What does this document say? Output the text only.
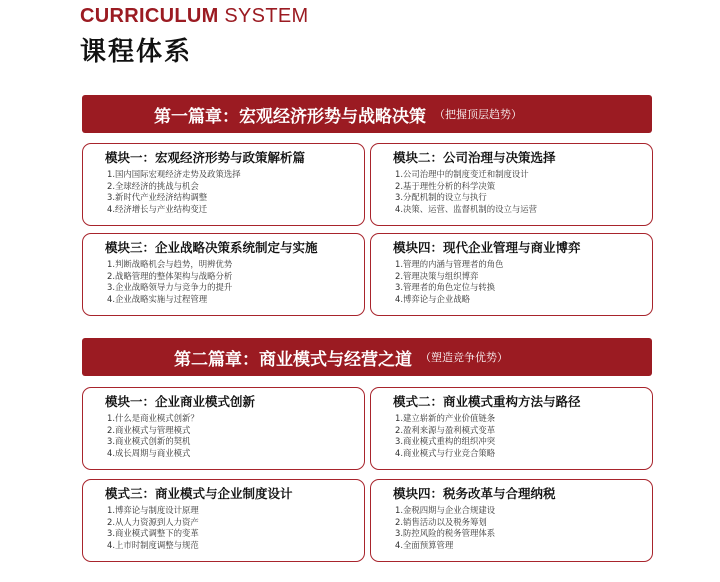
CURRICULUM SYSTEM
课程体系
第一篇章：宏观经济形势与战略决策 （把握顶层趋势）
模块一：宏观经济形势与政策解析篇
1.国内国际宏观经济走势及政策选择
2.全球经济的挑战与机会
3.新时代产业经济结构调整
4.经济增长与产业结构变迁
模块二：公司治理与决策选择
1.公司治理中的制度变迁和制度设计
2.基于理性分析的科学决策
3.分配机制的设立与执行
4.决策、运营、监督机制的设立与运营
模块三：企业战略决策系统制定与实施
1.判断战略机会与趋势，明辨优势
2.战略管理的整体架构与战略分析
3.企业战略领导力与竞争力的提升
4.企业战略实施与过程管理
模块四：现代企业管理与商业博弈
1.管理的内涵与管理者的角色
2.管理决策与组织博弈
3.管理者的角色定位与转换
4.博弈论与企业战略
第二篇章：商业模式与经营之道 （塑造竞争优势）
模块一：企业商业模式创新
1.什么是商业模式创新？
2.商业模式与管理模式
3.商业模式创新的契机
4.成长周期与商业模式
模式二：商业模式重构方法与路径
1.建立崭新的产业价值链条
2.盈利来源与盈利模式变革
3.商业模式重构的组织冲突
4.商业模式与行业竞合策略
模式三：商业模式与企业制度设计
1.博弈论与制度设计原理
2.从人力资源到人力资产
3.商业模式调整下的变革
4.上市时制度调整与规范
模块四：税务改革与合理纳税
1.金税四期与企业合规建设
2.销售活动以及税务筹划
3.防控风险的税务管理体系
4.全面预算管理
